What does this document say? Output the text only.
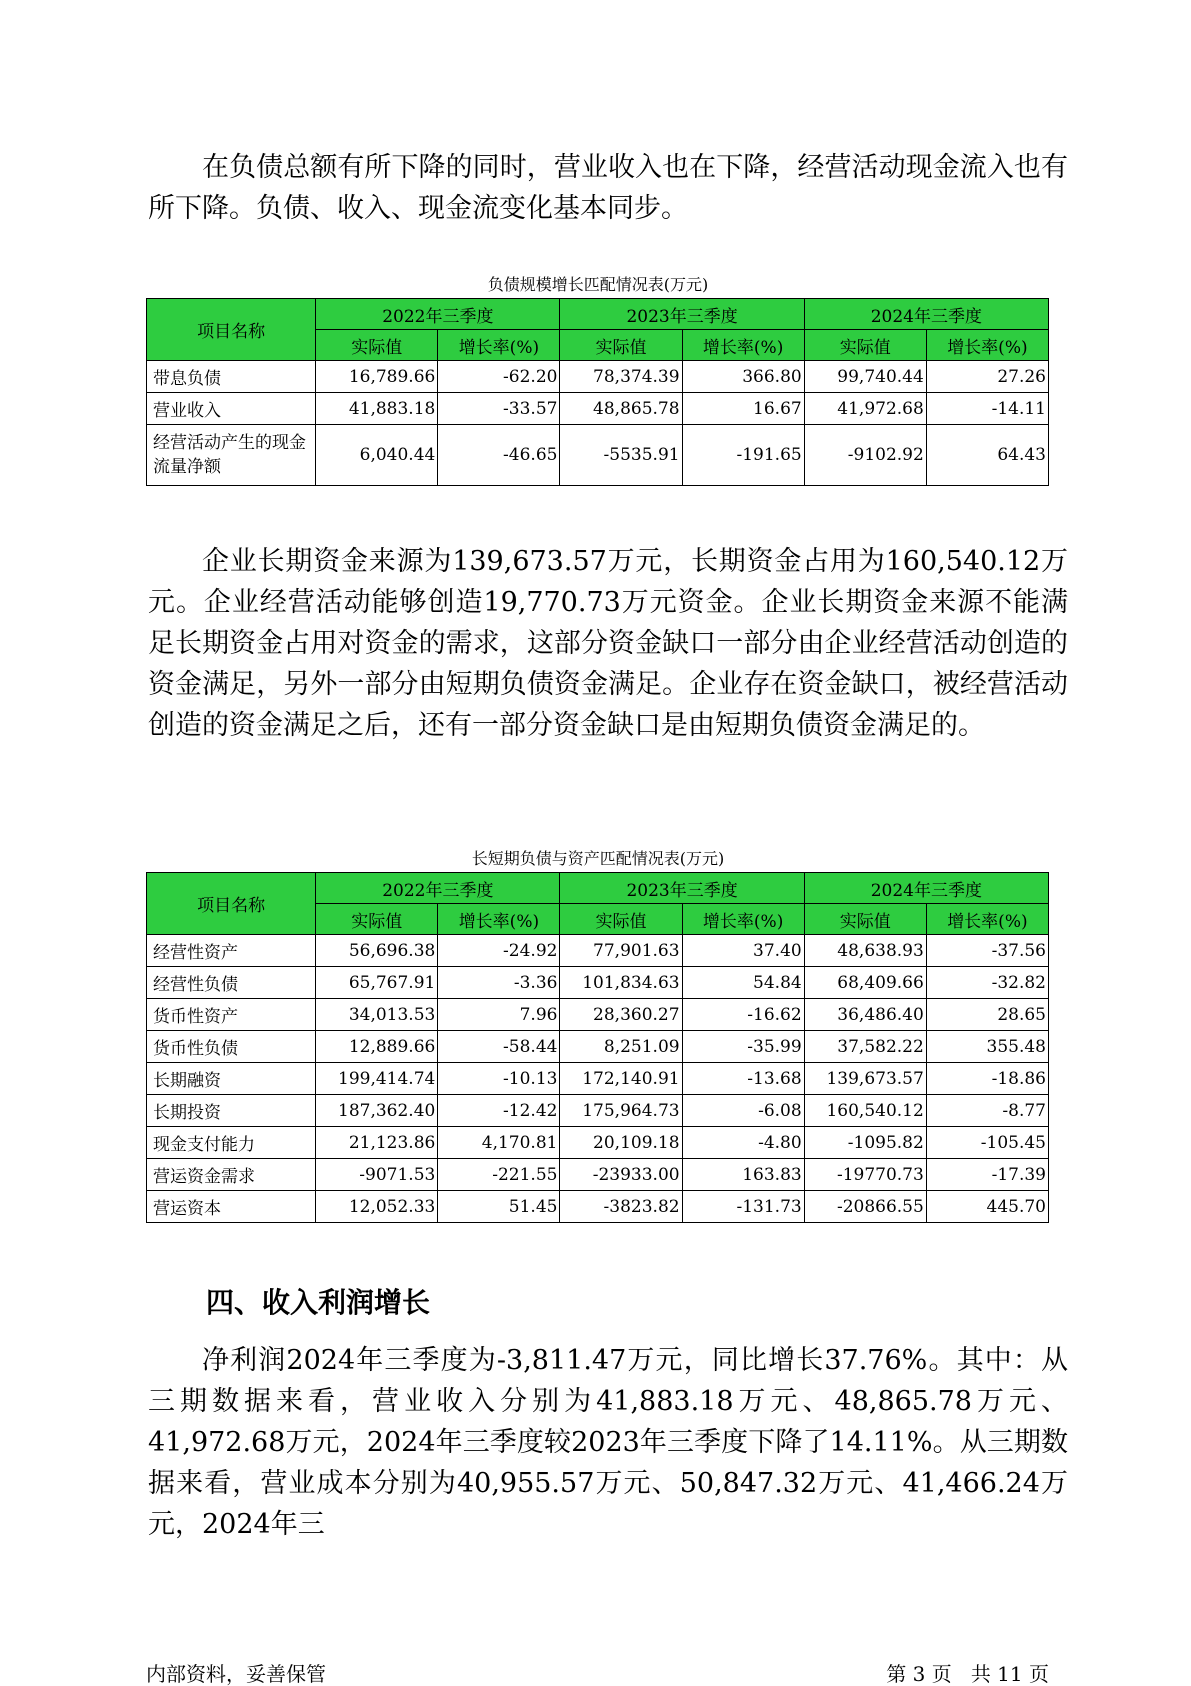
在负债总额有所下降的同时，营业收入也在下降，经营活动现金流入也有所下降。负债、收入、现金流变化基本同步。

负债规模增长匹配情况表(万元)
项目名称	2022年三季度		2023年三季度		2024年三季度	
	实际值	增长率(%)	实际值	增长率(%)	实际值	增长率(%)
带息负债	16,789.66	-62.20	78,374.39	366.80	99,740.44	27.26
营业收入	41,883.18	-33.57	48,865.78	16.67	41,972.68	-14.11
经营活动产生的现金流量净额	6,040.44	-46.65	-5535.91	-191.65	-9102.92	64.43

企业长期资金来源为139,673.57万元，长期资金占用为160,540.12万元。企业经营活动能够创造19,770.73万元资金。企业长期资金来源不能满足长期资金占用对资金的需求，这部分资金缺口一部分由企业经营活动创造的资金满足，另外一部分由短期负债资金满足。企业存在资金缺口，被经营活动创造的资金满足之后，还有一部分资金缺口是由短期负债资金满足的。

长短期负债与资产匹配情况表(万元)
项目名称	2022年三季度		2023年三季度		2024年三季度	
	实际值	增长率(%)	实际值	增长率(%)	实际值	增长率(%)
经营性资产	56,696.38	-24.92	77,901.63	37.40	48,638.93	-37.56
经营性负债	65,767.91	-3.36	101,834.63	54.84	68,409.66	-32.82
货币性资产	34,013.53	7.96	28,360.27	-16.62	36,486.40	28.65
货币性负债	12,889.66	-58.44	8,251.09	-35.99	37,582.22	355.48
长期融资	199,414.74	-10.13	172,140.91	-13.68	139,673.57	-18.86
长期投资	187,362.40	-12.42	175,964.73	-6.08	160,540.12	-8.77
现金支付能力	21,123.86	4,170.81	20,109.18	-4.80	-1095.82	-105.45
营运资金需求	-9071.53	-221.55	-23933.00	163.83	-19770.73	-17.39
营运资本	12,052.33	51.45	-3823.82	-131.73	-20866.55	445.70
四、收入利润增长

净利润2024年三季度为-3,811.47万元，同比增长37.76%。其中：从三期数据来看，营业收入分别为41,883.18万元、48,865.78万元、41,972.68万元，2024年三季度较2023年三季度下降了14.11%。从三期数据来看，营业成本分别为40,955.57万元、50,847.32万元、41,466.24万元，2024年三

内部资料，妥善保管	第 3 页   共 11 页
